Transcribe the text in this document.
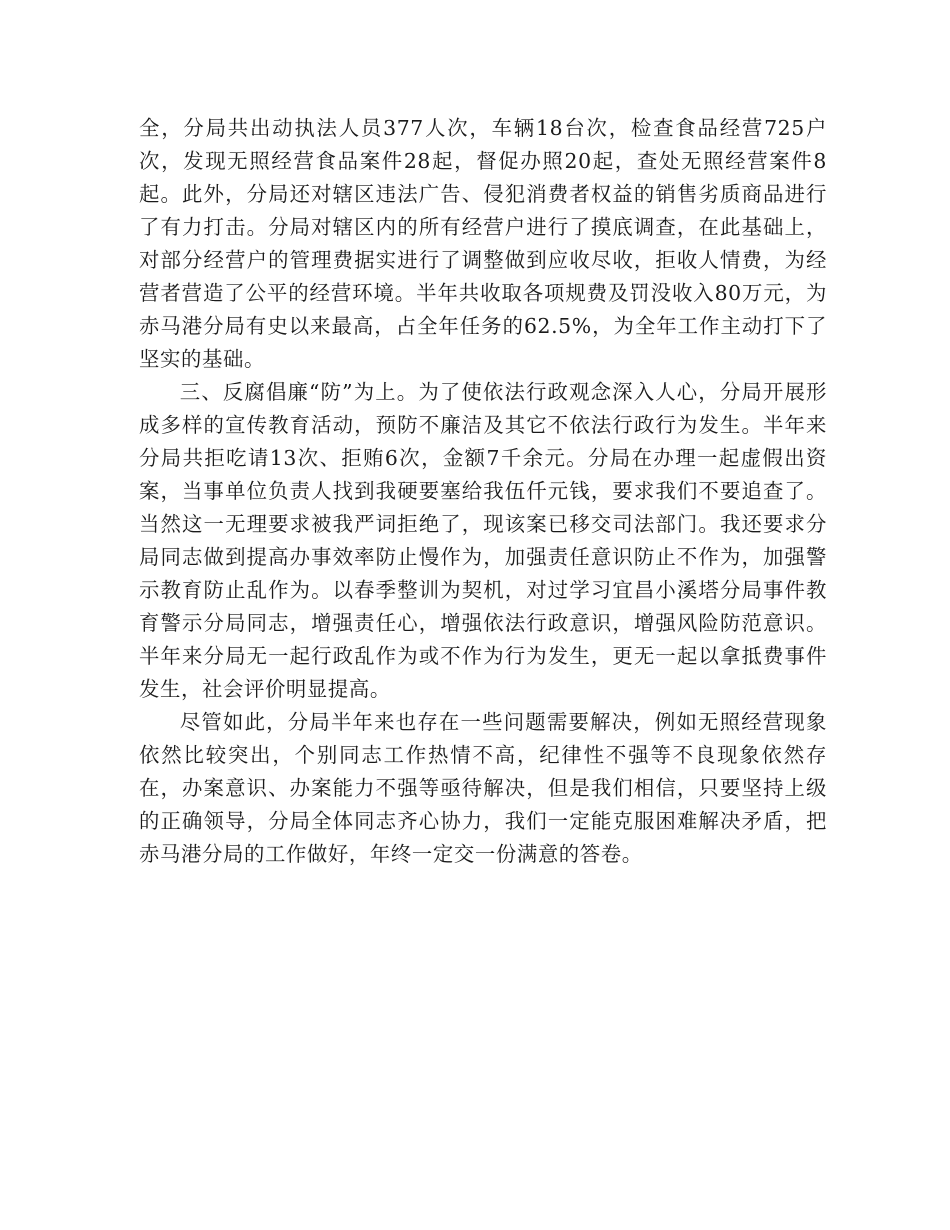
全，分局共出动执法人员377人次，车辆18台次，检查食品经营725户次，发现无照经营食品案件28起，督促办照20起，查处无照经营案件8起。此外，分局还对辖区违法广告、侵犯消费者权益的销售劣质商品进行了有力打击。分局对辖区内的所有经营户进行了摸底调查，在此基础上，对部分经营户的管理费据实进行了调整做到应收尽收，拒收人情费，为经营者营造了公平的经营环境。半年共收取各项规费及罚没收入80万元，为赤马港分局有史以来最高，占全年任务的62.5%，为全年工作主动打下了坚实的基础。

三、反腐倡廉“防”为上。为了使依法行政观念深入人心，分局开展形成多样的宣传教育活动，预防不廉洁及其它不依法行政行为发生。半年来分局共拒吃请13次、拒贿6次，金额7千余元。分局在办理一起虚假出资案，当事单位负责人找到我硬要塞给我伍仟元钱，要求我们不要追查了。当然这一无理要求被我严词拒绝了，现该案已移交司法部门。我还要求分局同志做到提高办事效率防止慢作为，加强责任意识防止不作为，加强警示教育防止乱作为。以春季整训为契机，对过学习宜昌小溪塔分局事件教育警示分局同志，增强责任心，增强依法行政意识，增强风险防范意识。半年来分局无一起行政乱作为或不作为行为发生，更无一起以拿抵费事件发生，社会评价明显提高。

尽管如此，分局半年来也存在一些问题需要解决，例如无照经营现象依然比较突出，个别同志工作热情不高，纪律性不强等不良现象依然存在，办案意识、办案能力不强等亟待解决，但是我们相信，只要坚持上级的正确领导，分局全体同志齐心协力，我们一定能克服困难解决矛盾，把赤马港分局的工作做好，年终一定交一份满意的答卷。
